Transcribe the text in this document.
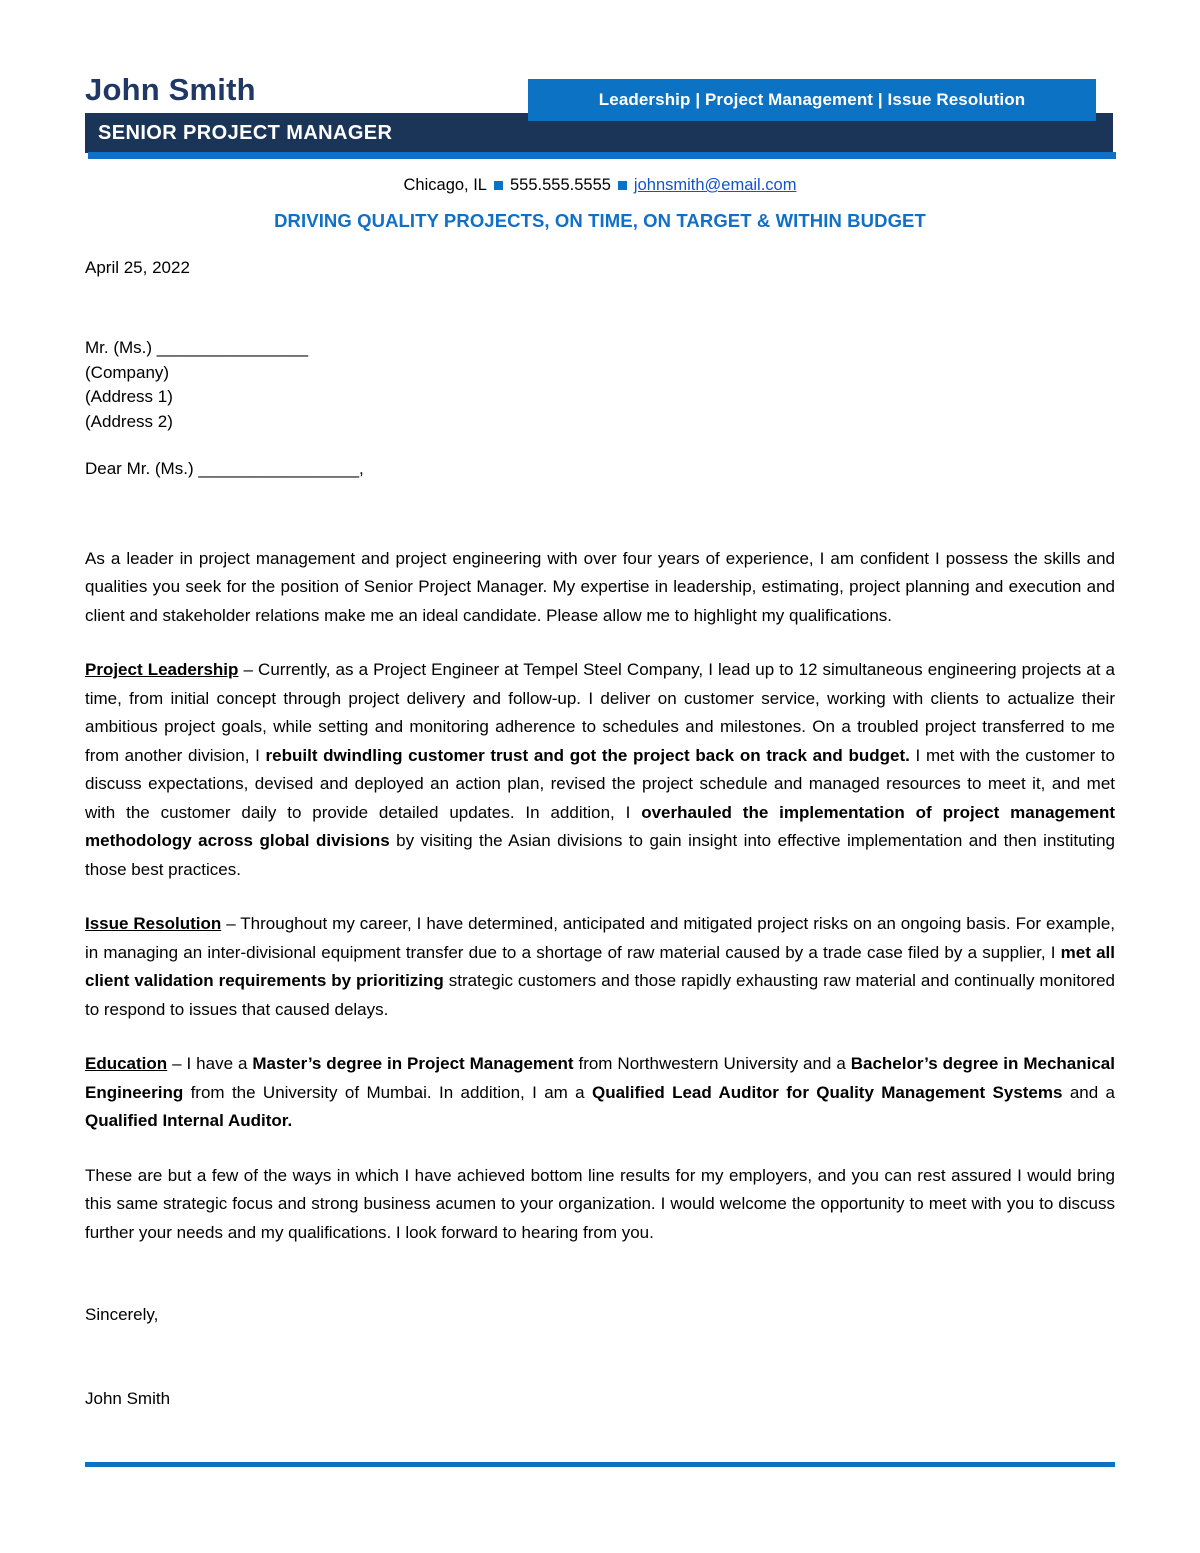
John Smith
SENIOR PROJECT MANAGER
Leadership | Project Management | Issue Resolution
Chicago, IL 555.555.5555 johnsmith@email.com
DRIVING QUALITY PROJECTS, ON TIME, ON TARGET & WITHIN BUDGET
April 25, 2022
Mr. (Ms.) ________________
(Company)
(Address 1)
(Address 2)
Dear Mr. (Ms.) _________________,

As a leader in project management and project engineering with over four years of experience, I am confident I possess the skills and qualities you seek for the position of Senior Project Manager. My expertise in leadership, estimating, project planning and execution and client and stakeholder relations make me an ideal candidate. Please allow me to highlight my qualifications.

Project Leadership – Currently, as a Project Engineer at Tempel Steel Company, I lead up to 12 simultaneous engineering projects at a time, from initial concept through project delivery and follow-up. I deliver on customer service, working with clients to actualize their ambitious project goals, while setting and monitoring adherence to schedules and milestones. On a troubled project transferred to me from another division, I rebuilt dwindling customer trust and got the project back on track and budget. I met with the customer to discuss expectations, devised and deployed an action plan, revised the project schedule and managed resources to meet it, and met with the customer daily to provide detailed updates. In addition, I overhauled the implementation of project management methodology across global divisions by visiting the Asian divisions to gain insight into effective implementation and then instituting those best practices.

Issue Resolution – Throughout my career, I have determined, anticipated and mitigated project risks on an ongoing basis. For example, in managing an inter-divisional equipment transfer due to a shortage of raw material caused by a trade case filed by a supplier, I met all client validation requirements by prioritizing strategic customers and those rapidly exhausting raw material and continually monitored to respond to issues that caused delays.

Education – I have a Master’s degree in Project Management from Northwestern University and a Bachelor’s degree in Mechanical Engineering from the University of Mumbai. In addition, I am a Qualified Lead Auditor for Quality Management Systems and a Qualified Internal Auditor.

These are but a few of the ways in which I have achieved bottom line results for my employers, and you can rest assured I would bring this same strategic focus and strong business acumen to your organization. I would welcome the opportunity to meet with you to discuss further your needs and my qualifications. I look forward to hearing from you.

Sincerely,
John Smith
